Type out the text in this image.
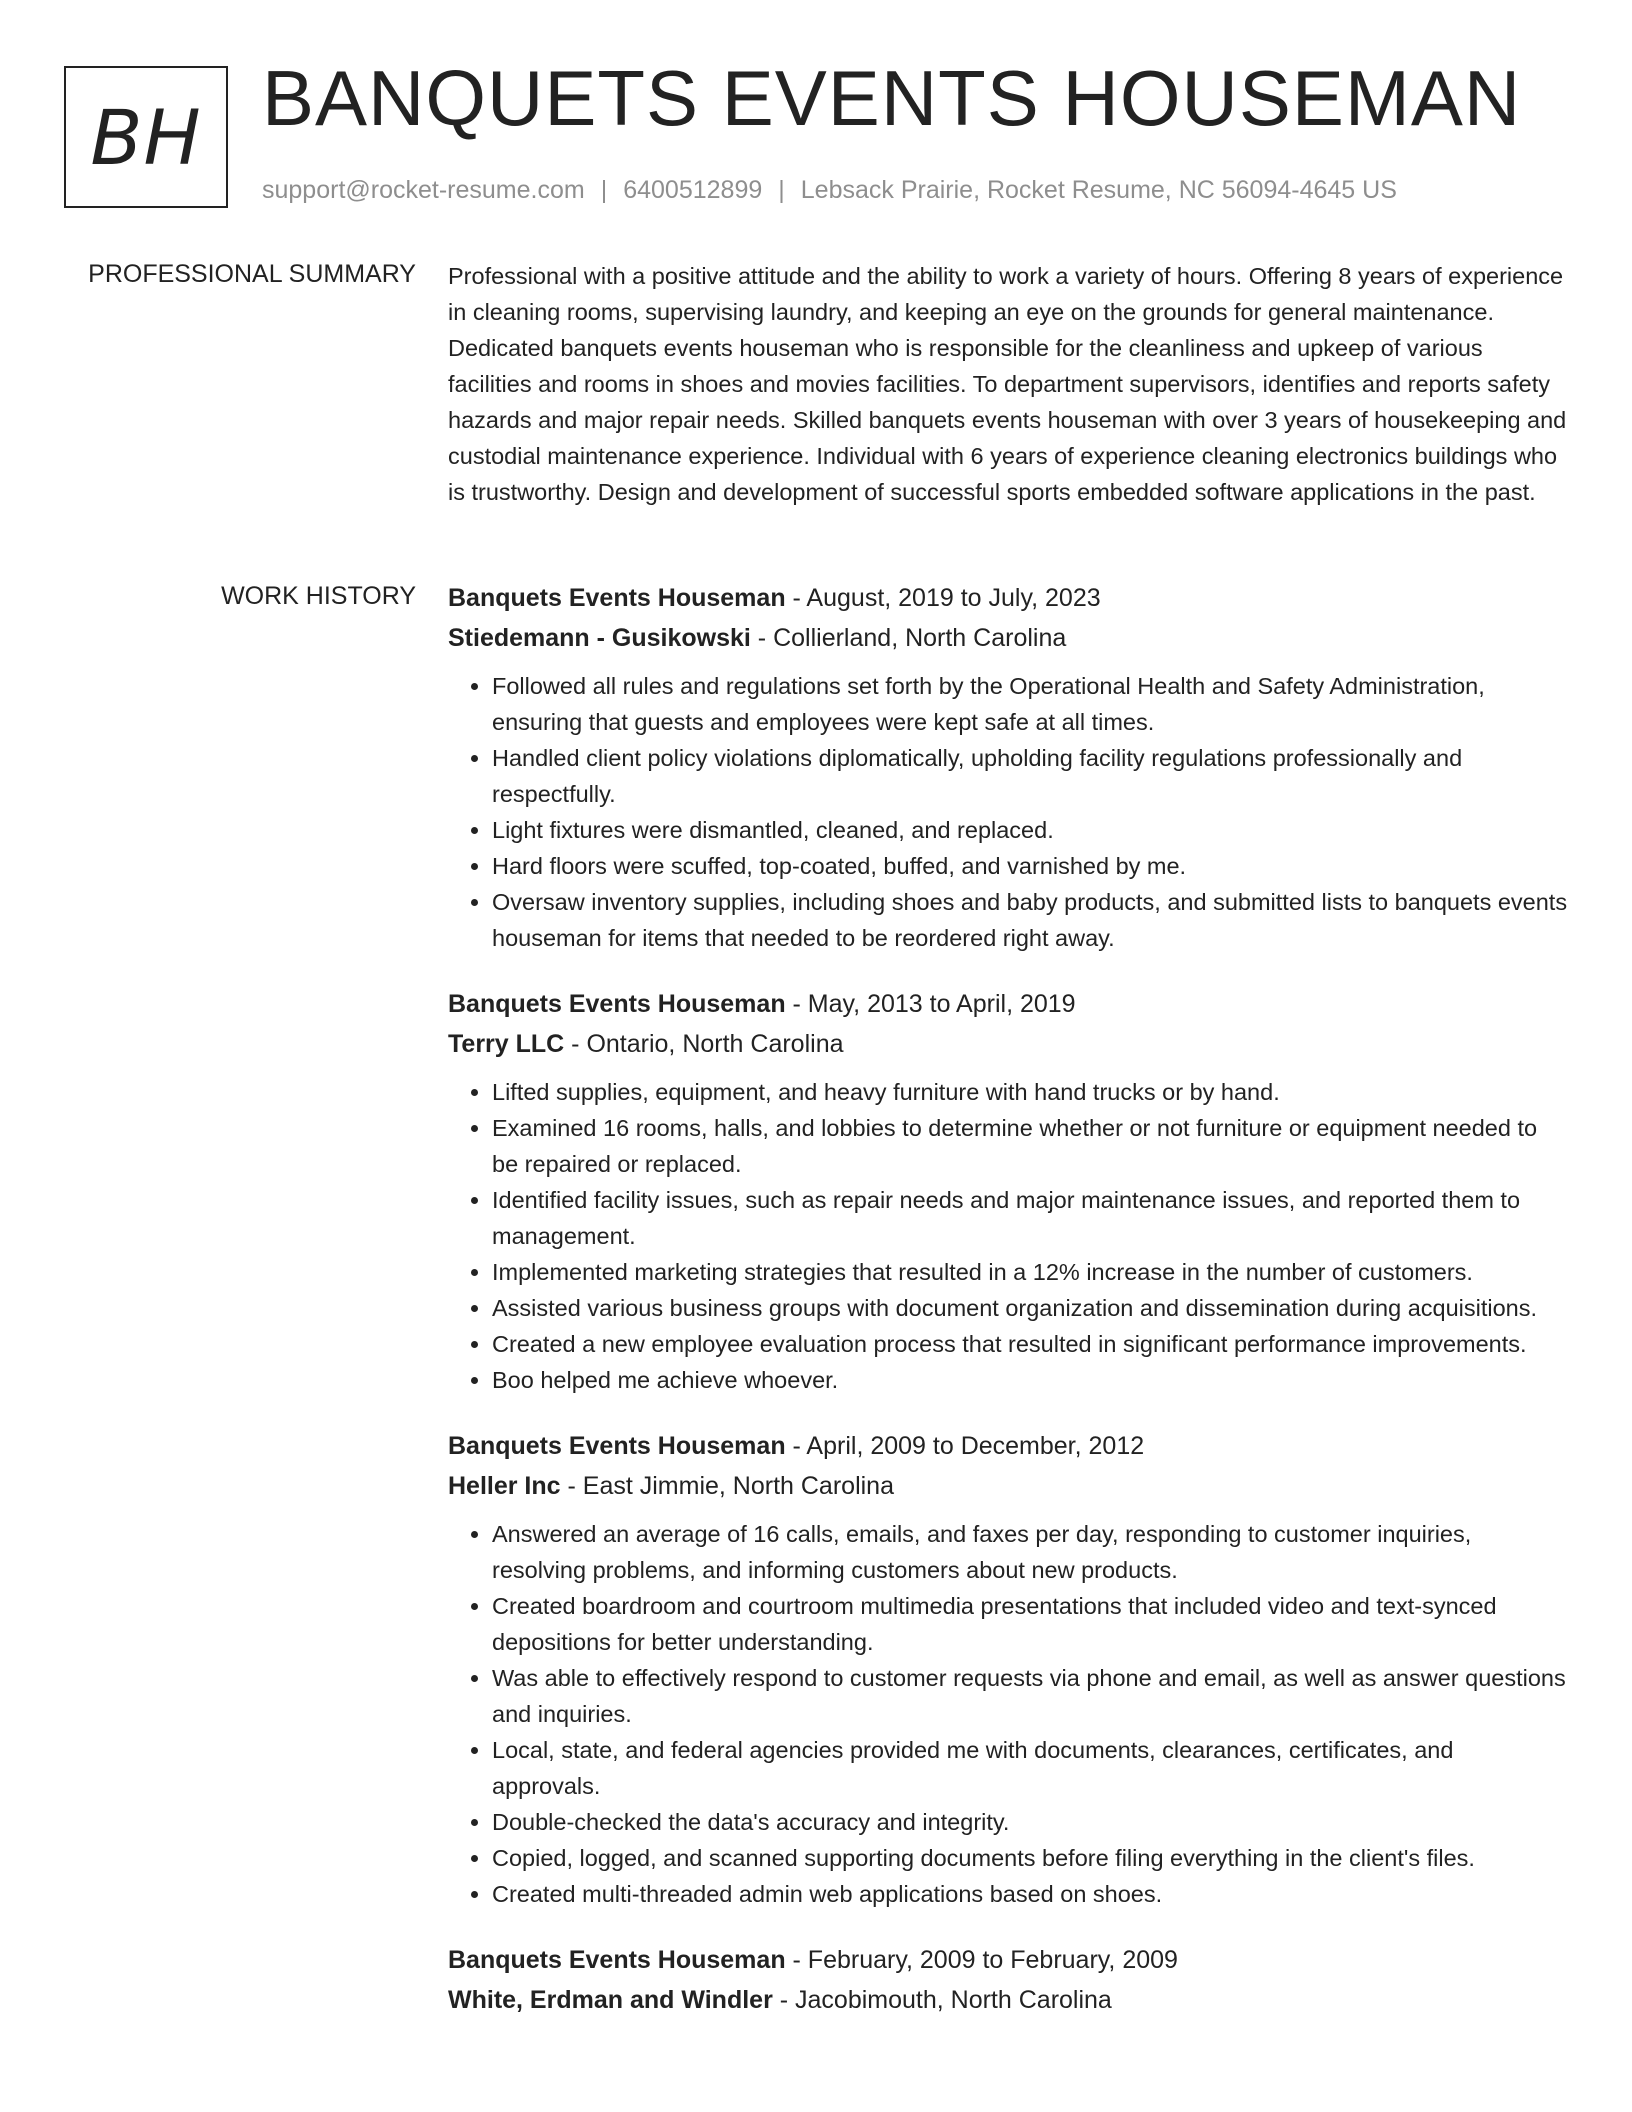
BH BANQUETS EVENTS HOUSEMAN
support@rocket-resume.com | 6400512899 | Lebsack Prairie, Rocket Resume, NC 56094-4645 US
PROFESSIONAL SUMMARY Professional with a positive attitude and the ability to work a variety of hours. Offering 8 years of experience in cleaning rooms, supervising laundry, and keeping an eye on the grounds for general maintenance. Dedicated banquets events houseman who is responsible for the cleanliness and upkeep of various facilities and rooms in shoes and movies facilities. To department supervisors, identifies and reports safety hazards and major repair needs. Skilled banquets events houseman with over 3 years of housekeeping and custodial maintenance experience. Individual with 6 years of experience cleaning electronics buildings who is trustworthy. Design and development of successful sports embedded software applications in the past.

WORK HISTORY Banquets Events Houseman - August, 2019 to July, 2023
Stiedemann - Gusikowski - Collierland, North Carolina
• Followed all rules and regulations set forth by the Operational Health and Safety Administration, ensuring that guests and employees were kept safe at all times.
• Handled client policy violations diplomatically, upholding facility regulations professionally and respectfully.
• Light fixtures were dismantled, cleaned, and replaced.
• Hard floors were scuffed, top-coated, buffed, and varnished by me.
• Oversaw inventory supplies, including shoes and baby products, and submitted lists to banquets events houseman for items that needed to be reordered right away.
Banquets Events Houseman - May, 2013 to April, 2019
Terry LLC - Ontario, North Carolina
• Lifted supplies, equipment, and heavy furniture with hand trucks or by hand.
• Examined 16 rooms, halls, and lobbies to determine whether or not furniture or equipment needed to be repaired or replaced.
• Identified facility issues, such as repair needs and major maintenance issues, and reported them to management.
• Implemented marketing strategies that resulted in a 12% increase in the number of customers.
• Assisted various business groups with document organization and dissemination during acquisitions.
• Created a new employee evaluation process that resulted in significant performance improvements.
• Boo helped me achieve whoever.
Banquets Events Houseman - April, 2009 to December, 2012
Heller Inc - East Jimmie, North Carolina
• Answered an average of 16 calls, emails, and faxes per day, responding to customer inquiries, resolving problems, and informing customers about new products.
• Created boardroom and courtroom multimedia presentations that included video and text-synced depositions for better understanding.
• Was able to effectively respond to customer requests via phone and email, as well as answer questions and inquiries.
• Local, state, and federal agencies provided me with documents, clearances, certificates, and approvals.
• Double-checked the data's accuracy and integrity.
• Copied, logged, and scanned supporting documents before filing everything in the client's files.
• Created multi-threaded admin web applications based on shoes.
Banquets Events Houseman - February, 2009 to February, 2009
White, Erdman and Windler - Jacobimouth, North Carolina
